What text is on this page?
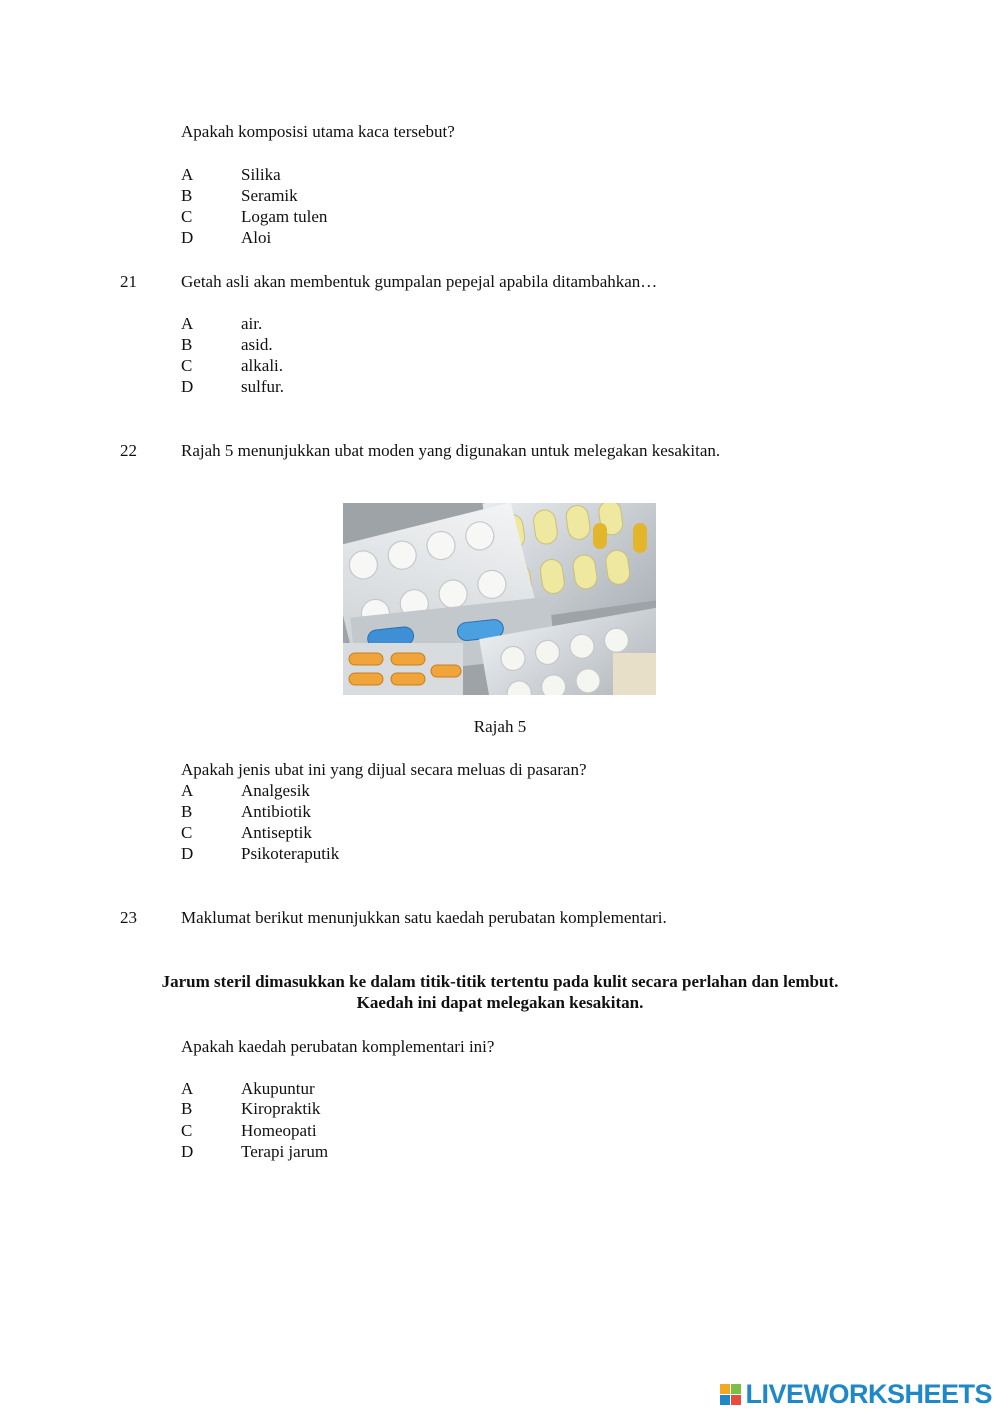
Apakah komposisi utama kaca tersebut?
A	Silika
B	Seramik
C	Logam tulen
D	Aloi
21	Getah asli akan membentuk gumpalan pepejal apabila ditambahkan…
A	air.
B	asid.
C	alkali.
D	sulfur.
22	Rajah 5 menunjukkan ubat moden yang digunakan untuk melegakan kesakitan.
Rajah 5
Apakah jenis ubat ini yang dijual secara meluas di pasaran?
A	Analgesik
B	Antibiotik
C	Antiseptik
D	Psikoteraputik
23	Maklumat berikut menunjukkan satu kaedah perubatan komplementari.
Jarum steril dimasukkan ke dalam titik-titik tertentu pada kulit secara perlahan dan lembut.
Kaedah ini dapat melegakan kesakitan.
Apakah kaedah perubatan komplementari ini?
A	Akupuntur
B	Kiropraktik
C	Homeopati
D	Terapi jarum
LIVEWORKSHEETS
